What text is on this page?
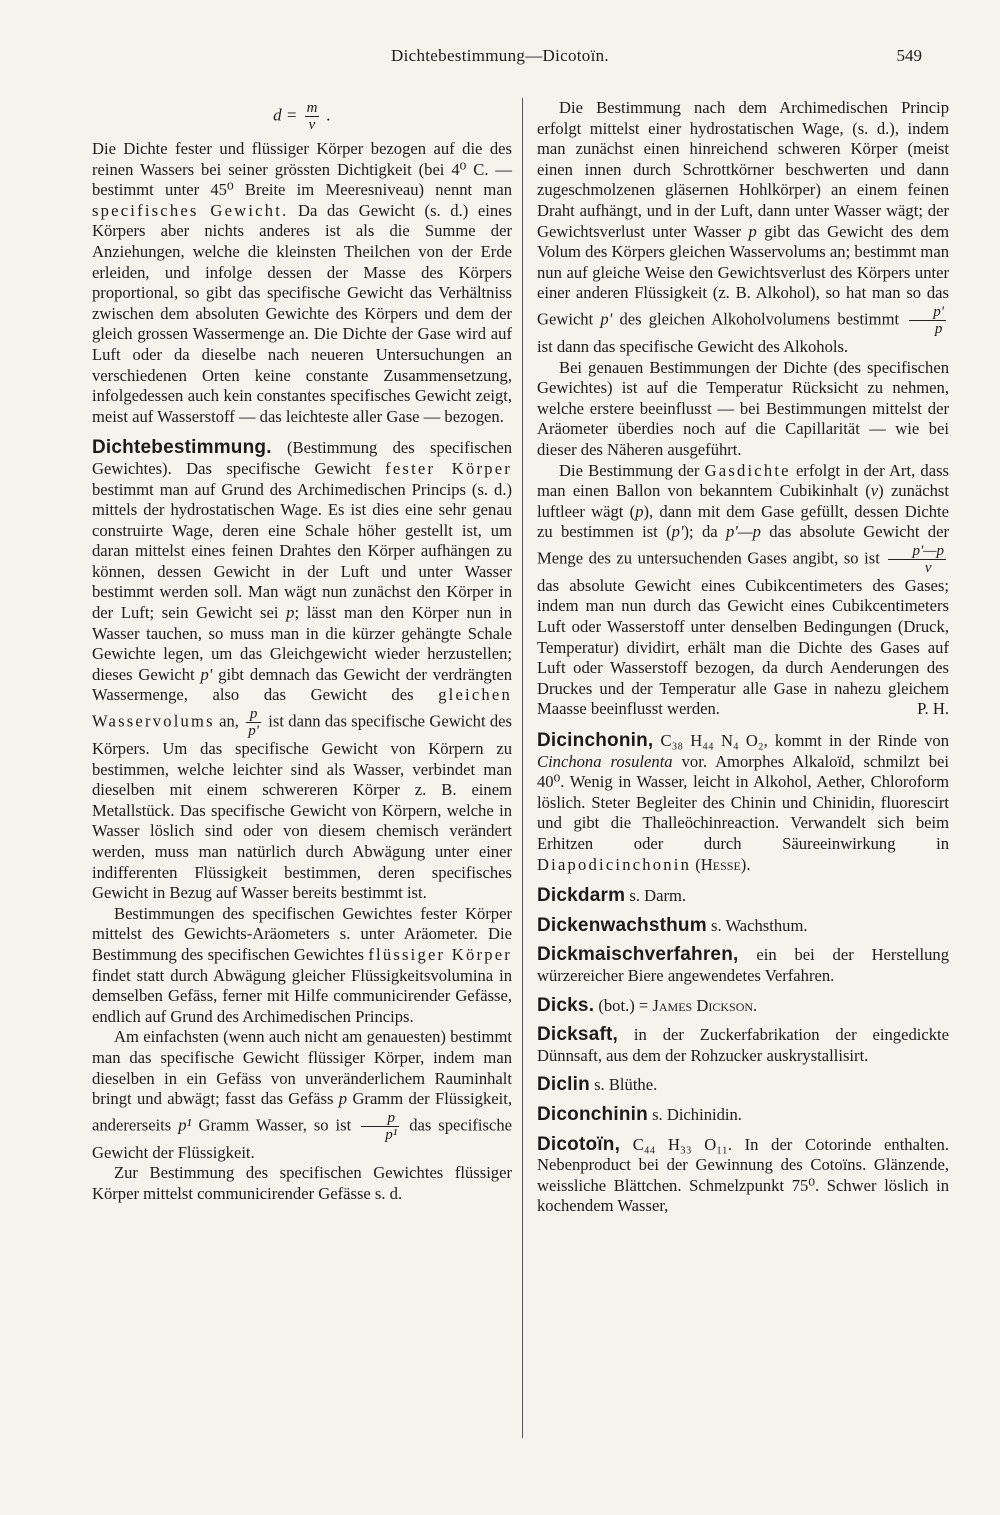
Dichtebestimmung—Dicotoïn.	549
$d = \frac{m}{v}$ .

Die Dichte fester und flüssiger Körper bezogen auf die des reinen Wassers bei seiner grössten Dichtigkeit (bei 4⁰ C. — bestimmt unter 45⁰ Breite im Meeresniveau) nennt man specifisches Gewicht. Da das Gewicht (s. d.) eines Körpers aber nichts anderes ist als die Summe der Anziehungen, welche die kleinsten Theilchen von der Erde erleiden, und infolge dessen der Masse des Körpers proportional, so gibt das specifische Gewicht das Verhältniss zwischen dem absoluten Gewichte des Körpers und dem der gleich grossen Wassermenge an. Die Dichte der Gase wird auf Luft oder da dieselbe nach neueren Untersuchungen an verschiedenen Orten keine constante Zusammensetzung, infolgedessen auch kein constantes specifisches Gewicht zeigt, meist auf Wasserstoff — das leichteste aller Gase — bezogen.

Dichtebestimmung. (Bestimmung des specifischen Gewichtes). Das specifische Gewicht fester Körper bestimmt man auf Grund des Archimedischen Princips (s. d.) mittels der hydrostatischen Wage. Es ist dies eine sehr genau construirte Wage, deren eine Schale höher gestellt ist, um daran mittelst eines feinen Drahtes den Körper aufhängen zu können, dessen Gewicht in der Luft und unter Wasser bestimmt werden soll. Man wägt nun zunächst den Körper in der Luft; sein Gewicht sei p; lässt man den Körper nun in Wasser tauchen, so muss man in die kürzer gehängte Schale Gewichte legen, um das Gleichgewicht wieder herzustellen; dieses Gewicht p' gibt demnach das Gewicht der verdrängten Wassermenge, also das Gewicht des gleichen Wasservolums an, $\frac{p}{p'}$ ist dann das specifische Gewicht des Körpers. Um das specifische Gewicht von Körpern zu bestimmen, welche leichter sind als Wasser, verbindet man dieselben mit einem schwereren Körper z. B. einem Metallstück. Das specifische Gewicht von Körpern, welche in Wasser löslich sind oder von diesem chemisch verändert werden, muss man natürlich durch Abwägung unter einer indifferenten Flüssigkeit bestimmen, deren specifisches Gewicht in Bezug auf Wasser bereits bestimmt ist.

Bestimmungen des specifischen Gewichtes fester Körper mittelst des Gewichts-Aräometers s. unter Aräometer. Die Bestimmung des specifischen Gewichtes flüssiger Körper findet statt durch Abwägung gleicher Flüssigkeitsvolumina in demselben Gefäss, ferner mit Hilfe communicirender Gefässe, endlich auf Grund des Archimedischen Princips.

Am einfachsten (wenn auch nicht am genauesten) bestimmt man das specifische Gewicht flüssiger Körper, indem man dieselben in ein Gefäss von unveränderlichem Rauminhalt bringt und abwägt; fasst das Gefäss p Gramm der Flüssigkeit, andererseits p¹ Gramm Wasser, so ist $\frac{p}{\text{p¹}}$ das specifische Gewicht der Flüssigkeit.

Zur Bestimmung des specifischen Gewichtes flüssiger Körper mittelst communicirender Gefässe s. d.

Die Bestimmung nach dem Archimedischen Princip erfolgt mittelst einer hydrostatischen Wage, (s. d.), indem man zunächst einen hinreichend schweren Körper (meist einen innen durch Schrottkörner beschwerten und dann zugeschmolzenen gläsernen Hohlkörper) an einem feinen Draht aufhängt, und in der Luft, dann unter Wasser wägt; der Gewichtsverlust unter Wasser p gibt das Gewicht des dem Volum des Körpers gleichen Wasservolums an; bestimmt man nun auf gleiche Weise den Gewichtsverlust des Körpers unter einer anderen Flüssigkeit (z. B. Alkohol), so hat man so das Gewicht p' des gleichen Alkoholvolumens bestimmt $\frac{p'}{p}$
ist dann das specifische Gewicht des Alkohols.

Bei genauen Bestimmungen der Dichte (des specifischen Gewichtes) ist auf die Temperatur Rücksicht zu nehmen, welche erstere beeinflusst — bei Bestimmungen mittelst der Aräometer überdies noch auf die Capillarität — wie bei dieser des Näheren ausgeführt.

Die Bestimmung der Gasdichte erfolgt in der Art, dass man einen Ballon von bekanntem Cubikinhalt (v) zunächst luftleer wägt (p), dann mit dem Gase gefüllt, dessen Dichte zu bestimmen ist (p'); da p'—p das absolute Gewicht der Menge des zu untersuchenden Gases angibt, so ist $\frac{p'—p}{v}$
das absolute Gewicht eines Cubikcentimeters des Gases; indem man nun durch das Gewicht eines Cubikcentimeters Luft oder Wasserstoff unter denselben Bedingungen (Druck, Temperatur) dividirt, erhält man die Dichte des Gases auf Luft oder Wasserstoff bezogen, da durch Aenderungen des Druckes und der Temperatur alle Gase in nahezu gleichem Maasse beeinflusst werden.	P. H.

Dicinchonin, C₃₈ H₄₄ N₄ O₂, kommt in der Rinde von Cinchona rosulenta vor. Amorphes Alkaloïd, schmilzt bei 40⁰. Wenig in Wasser, leicht in Alkohol, Aether, Chloroform löslich. Steter Begleiter des Chinin und Chinidin, fluorescirt und gibt die Thalleöchinreaction. Verwandelt sich beim Erhitzen oder durch Säureeinwirkung in Diapodicinchonin (Hesse).

Dickdarm s. Darm.

Dickenwachsthum s. Wachsthum.

Dickmaischverfahren, ein bei der Herstellung würzereicher Biere angewendetes Verfahren.

Dicks. (bot.) = James Dickson.

Dicksaft, in der Zuckerfabrikation der eingedickte Dünnsaft, aus dem der Rohzucker auskrystallisirt.

Diclin s. Blüthe.

Diconchinin s. Dichinidin.

Dicotoïn, C₄₄ H₃₃ O₁₁. In der Cotorinde enthalten. Nebenproduct bei der Gewinnung des Cotoïns. Glänzende, weissliche Blättchen. Schmelzpunkt 75⁰. Schwer löslich in kochendem Wasser,
